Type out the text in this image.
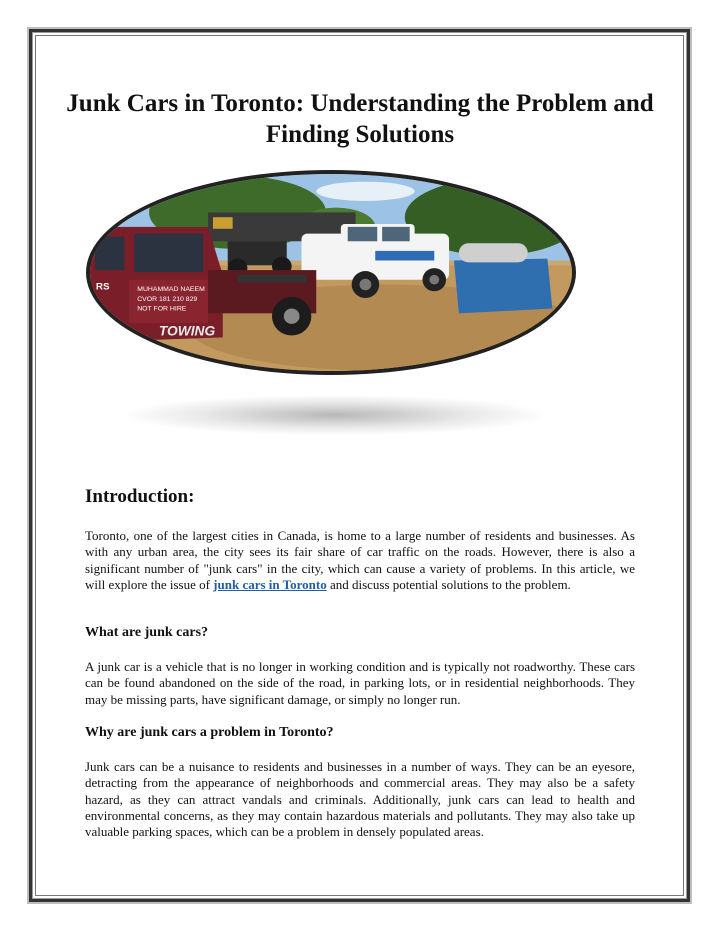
Junk Cars in Toronto: Understanding the Problem and Finding Solutions
MUHAMMAD NAEEM
CVOR 181 210 829
NOT FOR HIRE
TOWING
RS
Introduction:

Toronto, one of the largest cities in Canada, is home to a large number of residents and businesses. As with any urban area, the city sees its fair share of car traffic on the roads. However, there is also a significant number of "junk cars" in the city, which can cause a variety of problems. In this article, we will explore the issue of junk cars in Toronto and discuss potential solutions to the problem.

What are junk cars?

A junk car is a vehicle that is no longer in working condition and is typically not roadworthy. These cars can be found abandoned on the side of the road, in parking lots, or in residential neighborhoods. They may be missing parts, have significant damage, or simply no longer run.

Why are junk cars a problem in Toronto?

Junk cars can be a nuisance to residents and businesses in a number of ways. They can be an eyesore, detracting from the appearance of neighborhoods and commercial areas. They may also be a safety hazard, as they can attract vandals and criminals. Additionally, junk cars can lead to health and environmental concerns, as they may contain hazardous materials and pollutants. They may also take up valuable parking spaces, which can be a problem in densely populated areas.
